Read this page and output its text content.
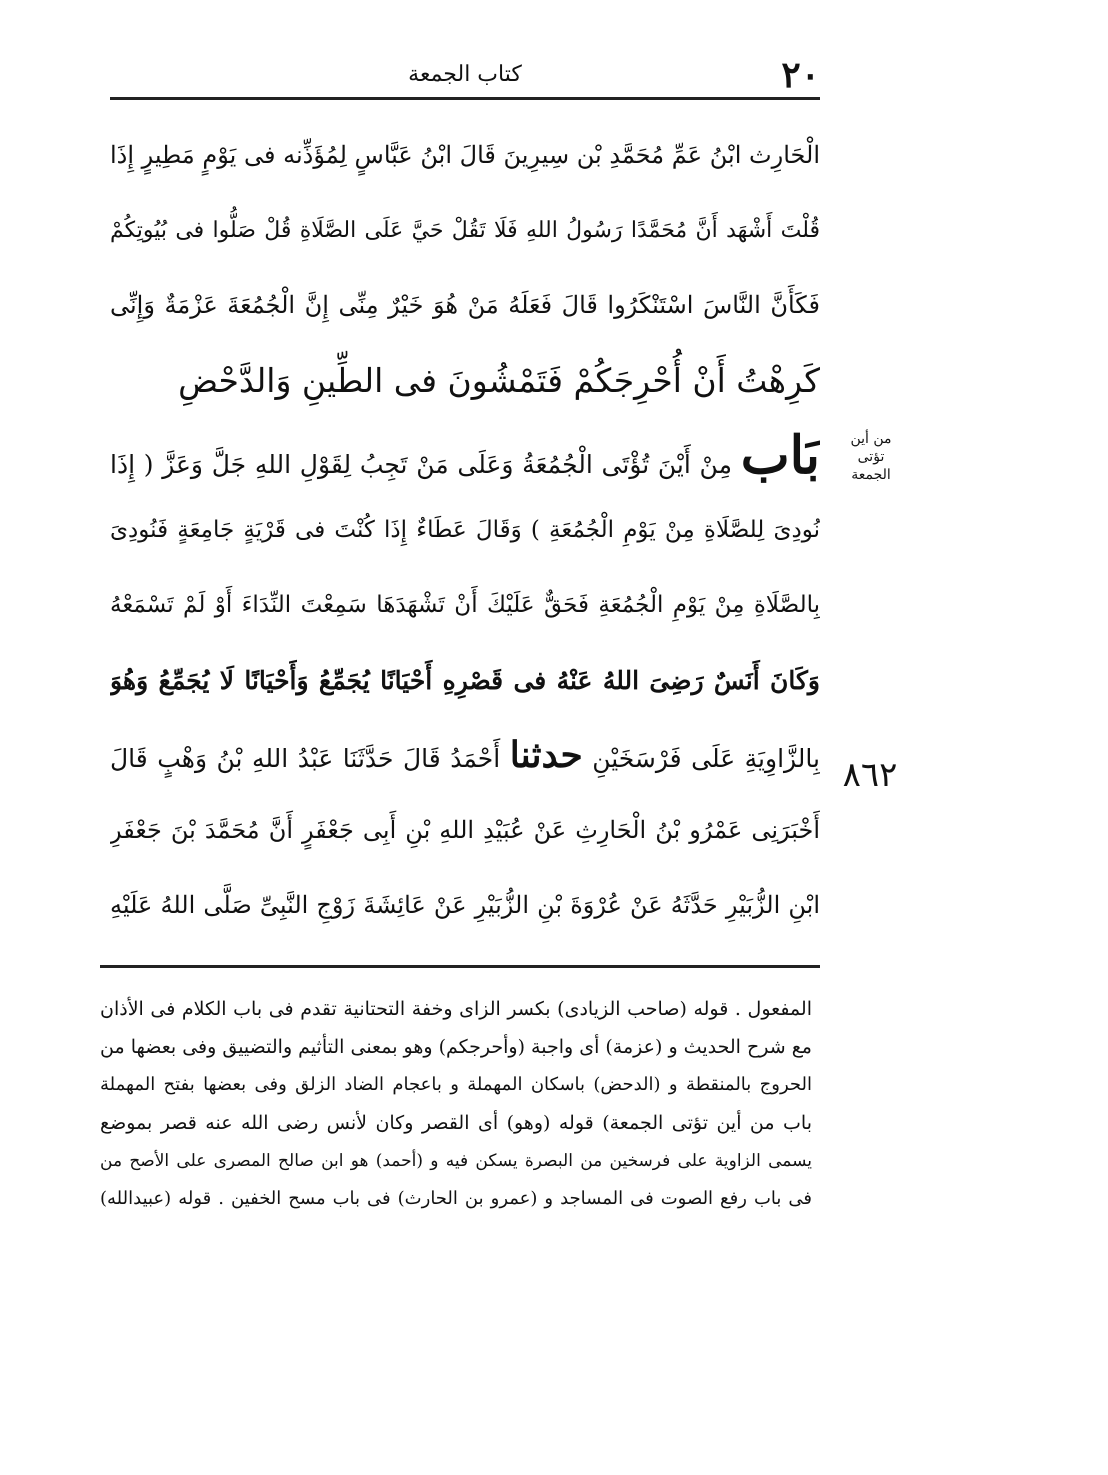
٢٠
كتاب الجمعة
الْحَارِث ابْنُ عَمِّ مُحَمَّدِ بْن سِيرِينَ قَالَ ابْنُ عَبَّاسٍ لِمُؤَذِّنه فى يَوْمٍ مَطِيرٍ إِذَا
قُلْتَ أَشْهَد أَنَّ مُحَمَّدًا رَسُولُ اللهِ فَلَا تَقُلْ حَيَّ عَلَى الصَّلَاةِ قُلْ صَلُّوا فى بُيُوتِكُمْ
فَكَأَنَّ النَّاسَ اسْتَنْكَرُوا قَالَ فَعَلَهُ مَنْ هُوَ خَيْرٌ مِنِّى إِنَّ الْجُمُعَةَ عَزْمَةٌ وَإِنِّى
كَرِهْتُ أَنْ أُحْرِجَكُمْ فَتَمْشُونَ فى الطِّينِ وَالدَّحْضِ
بَاب مِنْ أَيْنَ تُؤْتَى الْجُمُعَةُ وَعَلَى مَنْ تَجِبُ لِقَوْلِ اللهِ جَلَّ وَعَزَّ ( إِذَا
نُودِىَ لِلصَّلَاةِ مِنْ يَوْمِ الْجُمُعَةِ ) وَقَالَ عَطَاءٌ إِذَا كُنْتَ فى قَرْيَةٍ جَامِعَةٍ فَنُودِىَ
بِالصَّلَاةِ مِنْ يَوْمِ الْجُمُعَةِ فَحَقٌّ عَلَيْكَ أَنْ تَشْهَدَهَا سَمِعْتَ النِّدَاءَ أَوْ لَمْ تَسْمَعْهُ
وَكَانَ أَنَسٌ رَضِىَ اللهُ عَنْهُ فى قَصْرِهِ أَحْيَانًا يُجَمِّعُ وَأَحْيَانًا لَا يُجَمِّعُ وَهُوَ
بِالزَّاوِيَةِ عَلَى فَرْسَخَيْنِ حدثنا أَحْمَدُ قَالَ حَدَّثَنَا عَبْدُ اللهِ بْنُ وَهْبٍ قَالَ
أَخْبَرَنِى عَمْرُو بْنُ الْحَارِثِ عَنْ عُبَيْدِ اللهِ بْنِ أَبِى جَعْفَرٍ أَنَّ مُحَمَّدَ بْنَ جَعْفَرِ
ابْنِ الزُّبَيْرِ حَدَّثَهُ عَنْ عُرْوَةَ بْنِ الزُّبَيْرِ عَنْ عَائِشَةَ زَوْجِ النَّبِىِّ صَلَّى اللهُ عَلَيْهِ
من أين تؤتى الجمعة
٨٦٢
المفعول . قوله (صاحب الزيادى) بكسر الزاى وخفة التحتانية تقدم فى باب الكلام فى الأذان
مع شرح الحديث و (عزمة) أى واجبة (وأحرجكم) وهو بمعنى التأثيم والتضييق وفى بعضها من
الحروج بالمنقطة و (الدحض) باسكان المهملة و باعجام الضاد الزلق وفى بعضها بفتح المهملة
باب من أين تؤتى الجمعة) قوله (وهو) أى القصر وكان لأنس رضى الله عنه قصر بموضع
يسمى الزاوية على فرسخين من البصرة يسكن فيه و (أحمد) هو ابن صالح المصرى على الأصح من
فى باب رفع الصوت فى المساجد و (عمرو بن الحارث) فى باب مسح الخفين . قوله (عبيدالله)
